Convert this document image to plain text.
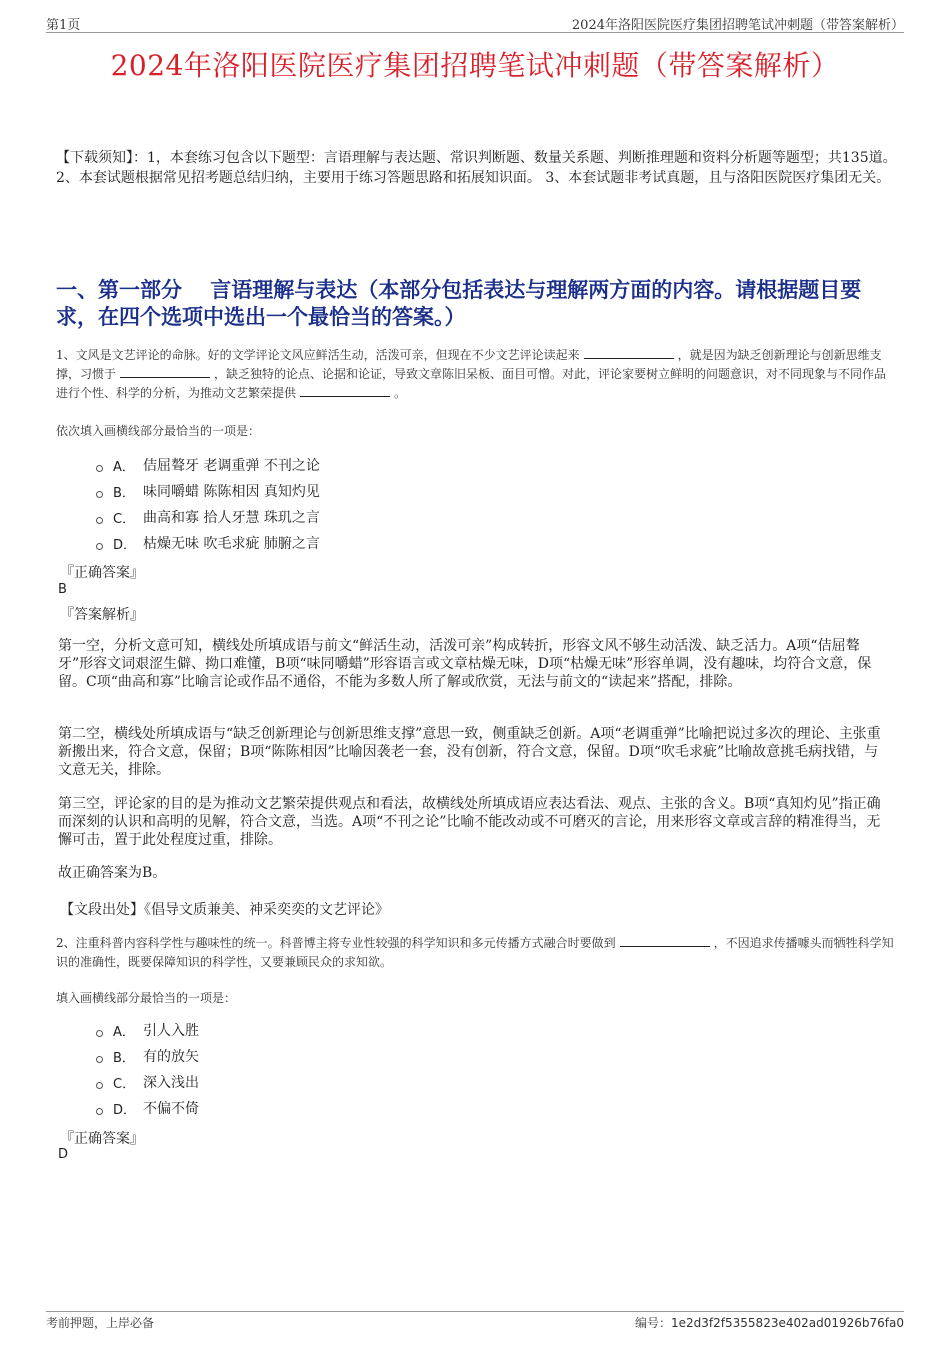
第1页	2024年洛阳医院医疗集团招聘笔试冲刺题（带答案解析）
2024年洛阳医院医疗集团招聘笔试冲刺题（带答案解析）

【下载须知】：1，本套练习包含以下题型：言语理解与表达题、常识判断题、数量关系题、判断推理题和资料分析题等题型；共135道。 2、本套试题根据常见招考题总结归纳，主要用于练习答题思路和拓展知识面。 3、本套试题非考试真题，且与洛阳医院医疗集团无关。

一、第一部分　 言语理解与表达（本部分包括表达与理解两方面的内容。请根据题目要求，在四个选项中选出一个最恰当的答案。）

1、文风是文艺评论的命脉。好的文学评论文风应鲜活生动，活泼可亲，但现在不少文艺评论读起来	，就是因为缺乏创新理论与创新思维支撑，习惯于	，缺乏独特的论点、论据和论证，导致文章陈旧呆板、面目可憎。对此，评论家要树立鲜明的问题意识，对不同现象与不同作品进行个性、科学的分析，为推动文艺繁荣提供	。

依次填入画横线部分最恰当的一项是：

A． 佶屈聱牙 老调重弹 不刊之论
B． 味同嚼蜡 陈陈相因 真知灼见
C． 曲高和寡 拾人牙慧 珠玑之言
D． 枯燥无味 吹毛求疵 肺腑之言

『正确答案』

B

『答案解析』

第一空，分析文意可知，横线处所填成语与前文“鲜活生动，活泼可亲”构成转折，形容文风不够生动活泼、缺乏活力。A项“佶屈聱牙”形容文词艰涩生僻、拗口难懂，B项“味同嚼蜡”形容语言或文章枯燥无味，D项“枯燥无味”形容单调，没有趣味，均符合文意，保留。C项“曲高和寡”比喻言论或作品不通俗，不能为多数人所了解或欣赏，无法与前文的“读起来”搭配，排除。

第二空，横线处所填成语与“缺乏创新理论与创新思维支撑”意思一致，侧重缺乏创新。A项“老调重弹”比喻把说过多次的理论、主张重新搬出来，符合文意，保留；B项“陈陈相因”比喻因袭老一套，没有创新，符合文意，保留。D项“吹毛求疵”比喻故意挑毛病找错，与文意无关，排除。

第三空，评论家的目的是为推动文艺繁荣提供观点和看法，故横线处所填成语应表达看法、观点、主张的含义。B项“真知灼见”指正确而深刻的认识和高明的见解，符合文意，当选。A项“不刊之论”比喻不能改动或不可磨灭的言论，用来形容文章或言辞的精准得当，无懈可击，置于此处程度过重，排除。

故正确答案为B。

【文段出处】《倡导文质兼美、神采奕奕的文艺评论》

2、注重科普内容科学性与趣味性的统一。科普博主将专业性较强的科学知识和多元传播方式融合时要做到	，不因追求传播噱头而牺牲科学知识的准确性，既要保障知识的科学性，又要兼顾民众的求知欲。

填入画横线部分最恰当的一项是：

A． 引人入胜
B． 有的放矢
C． 深入浅出
D． 不偏不倚

『正确答案』

D

考前押题，上岸必备	编号：1e2d3f2f5355823e402ad01926b76fa0
